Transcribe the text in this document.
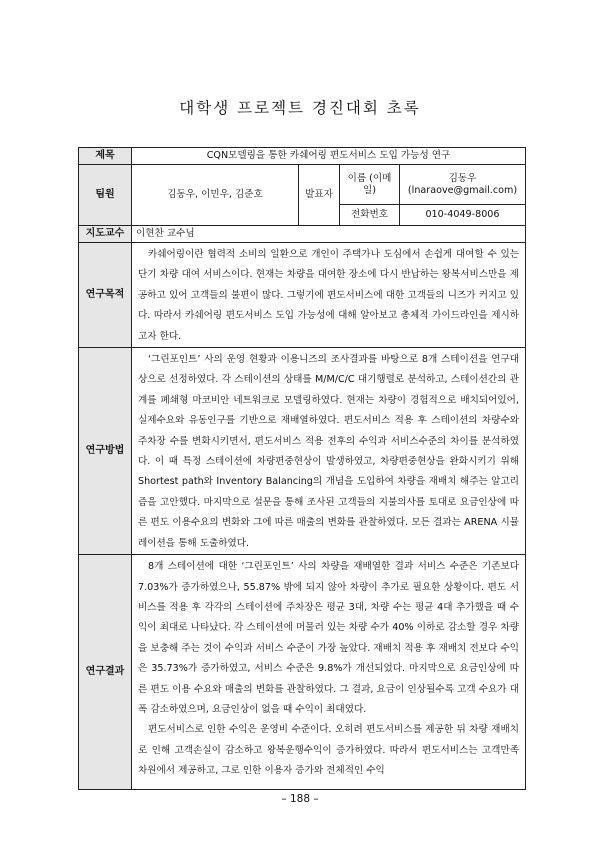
대학생 프로젝트 경진대회 초록
제목	CQN모델링을 통한 카쉐어링 편도서비스 도입 가능성 연구			
팀원	김동우, 이민우, 김준호	발표자	이름 (이메일)	김동우
(lnaraove@gmail.com)

			전화번호	010-4049-8006
지도교수	이현찬 교수님			
연구목적	카쉐어링이란 협력적 소비의 일환으로 개인이 주택가나 도심에서 손쉽게 대여할 수 있는 단기 차량 대여 서비스이다. 현재는 차량을 대여한 장소에 다시 반납하는 왕복서비스만을 제공하고 있어 고객들의 불편이 많다. 그렇기에 편도서비스에 대한 고객들의 니즈가 커지고 있다. 따라서 카쉐어링 편도서비스 도입 가능성에 대해 알아보고 총체적 가이드라인을 제시하고자 한다.			

연구방법	‘그린포인트’ 사의 운영 현황과 이용니즈의 조사결과를 바탕으로 8개 스테이션을 연구대상으로 선정하였다. 각 스테이션의 상태를 M/M/C/C 대기행렬로 분석하고, 스테이션간의 관계를 폐쇄형 마코비안 네트워크로 모델링하였다. 현재는 차량이 경험적으로 배치되어있어, 실제수요와 유동인구를 기반으로 재배열하였다. 편도서비스 적용 후 스테이션의 차량수와 주차장 수를 변화시키면서, 편도서비스 적용 전후의 수익과 서비스수준의 차이를 분석하였다. 이 때 특정 스테이션에 차량편중현상이 발생하였고, 차량편중현상을 완화시키기 위해 Shortest path와 Inventory Balancing의 개념을 도입하여 차량을 재배치 해주는 알고리즘을 고안했다. 마지막으로 설문을 통해 조사된 고객들의 지불의사를 토대로 요금인상에 따른 편도 이용수요의 변화와 그에 따른 매출의 변화를 관찰하였다. 모든 결과는 ARENA 시뮬레이션을 통해 도출하였다.			

연구결과	8개 스테이션에 대한 ‘그린포인트’ 사의 차량을 재배열한 결과 서비스 수준은 기존보다 7.03%가 증가하였으나, 55.87% 밖에 되지 않아 차량이 추가로 필요한 상황이다. 편도 서비스를 적용 후 각각의 스테이션에 주차장은 평균 3대, 차량 수는 평균 4대 추가했을 때 수익이 최대로 나타났다. 각 스테이션에 머물러 있는 차량 수가 40% 이하로 감소할 경우 차량을 보충해 주는 것이 수익과 서비스 수준이 가장 높았다. 재배치 적용 후 재배치 전보다 수익은 35.73%가 증가하였고, 서비스 수준은 9.8%가 개선되었다. 마지막으로 요금인상에 따른 편도 이용 수요와 매출의 변화를 관찰하였다. 그 결과, 요금이 인상될수록 고객 수요가 대폭 감소하였으며, 요금인상이 없을 때 수익이 최대였다.

편도서비스로 인한 수익은 운영비 수준이다. 오히려 편도서비스를 제공한 뒤 차량 재배치로 인해 고객손실이 감소하고 왕복운행수익이 증가하였다. 따라서 편도서비스는 고객만족 차원에서 제공하고, 그로 인한 이용자 증가와 전체적인 수익			

– 188 –
